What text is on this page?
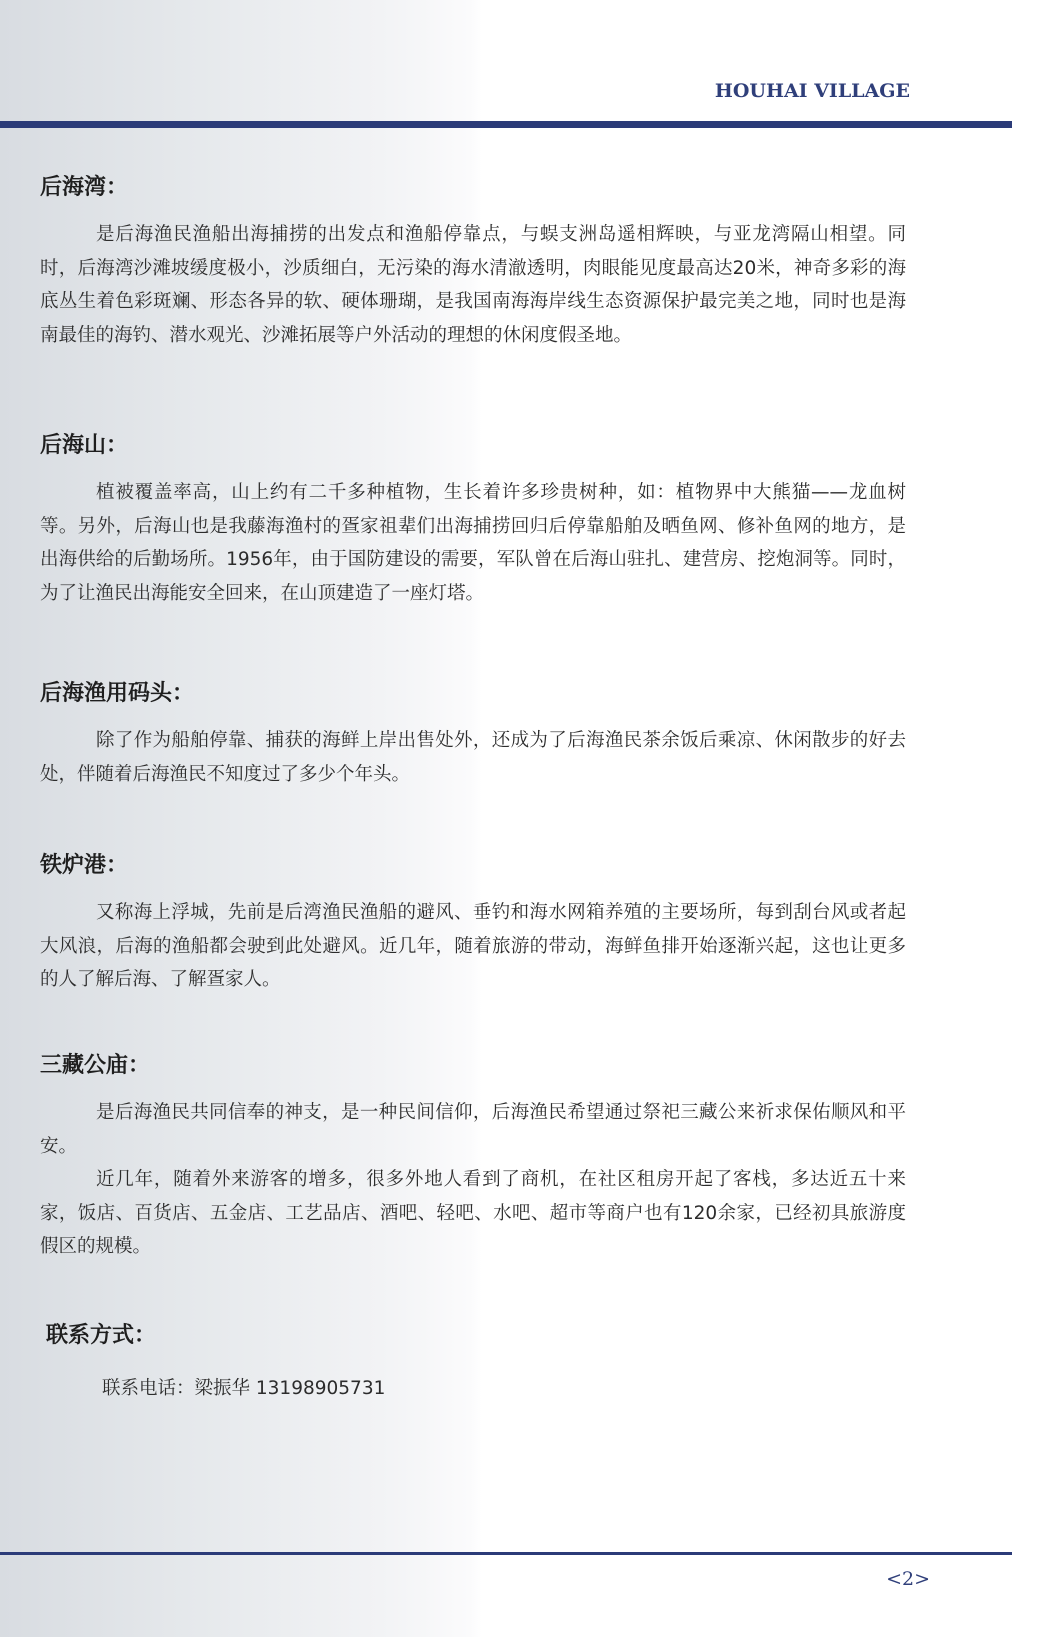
HOUHAI VILLAGE
后海湾：

是后海渔民渔船出海捕捞的出发点和渔船停靠点，与蜈支洲岛遥相辉映，与亚龙湾隔山相望。同时，后海湾沙滩坡缓度极小，沙质细白，无污染的海水清澈透明，肉眼能见度最高达20米，神奇多彩的海底丛生着色彩斑斓、形态各异的软、硬体珊瑚，是我国南海海岸线生态资源保护最完美之地，同时也是海南最佳的海钓、潜水观光、沙滩拓展等户外活动的理想的休闲度假圣地。

后海山：

植被覆盖率高，山上约有二千多种植物，生长着许多珍贵树种，如：植物界中大熊猫——龙血树等。另外，后海山也是我藤海渔村的疍家祖辈们出海捕捞回归后停靠船舶及晒鱼网、修补鱼网的地方，是出海供给的后勤场所。1956年，由于国防建设的需要，军队曾在后海山驻扎、建营房、挖炮洞等。同时，为了让渔民出海能安全回来，在山顶建造了一座灯塔。

后海渔用码头：

除了作为船舶停靠、捕获的海鲜上岸出售处外，还成为了后海渔民茶余饭后乘凉、休闲散步的好去处，伴随着后海渔民不知度过了多少个年头。

铁炉港：

又称海上浮城，先前是后湾渔民渔船的避风、垂钓和海水网箱养殖的主要场所，每到刮台风或者起大风浪，后海的渔船都会驶到此处避风。近几年，随着旅游的带动，海鲜鱼排开始逐渐兴起，这也让更多的人了解后海、了解疍家人。

三藏公庙：

是后海渔民共同信奉的神支，是一种民间信仰，后海渔民希望通过祭祀三藏公来祈求保佑顺风和平安。

近几年，随着外来游客的增多，很多外地人看到了商机，在社区租房开起了客栈，多达近五十来家，饭店、百货店、五金店、工艺品店、酒吧、轻吧、水吧、超市等商户也有120余家，已经初具旅游度假区的规模。

联系方式：

联系电话：梁振华 13198905731

<2>
